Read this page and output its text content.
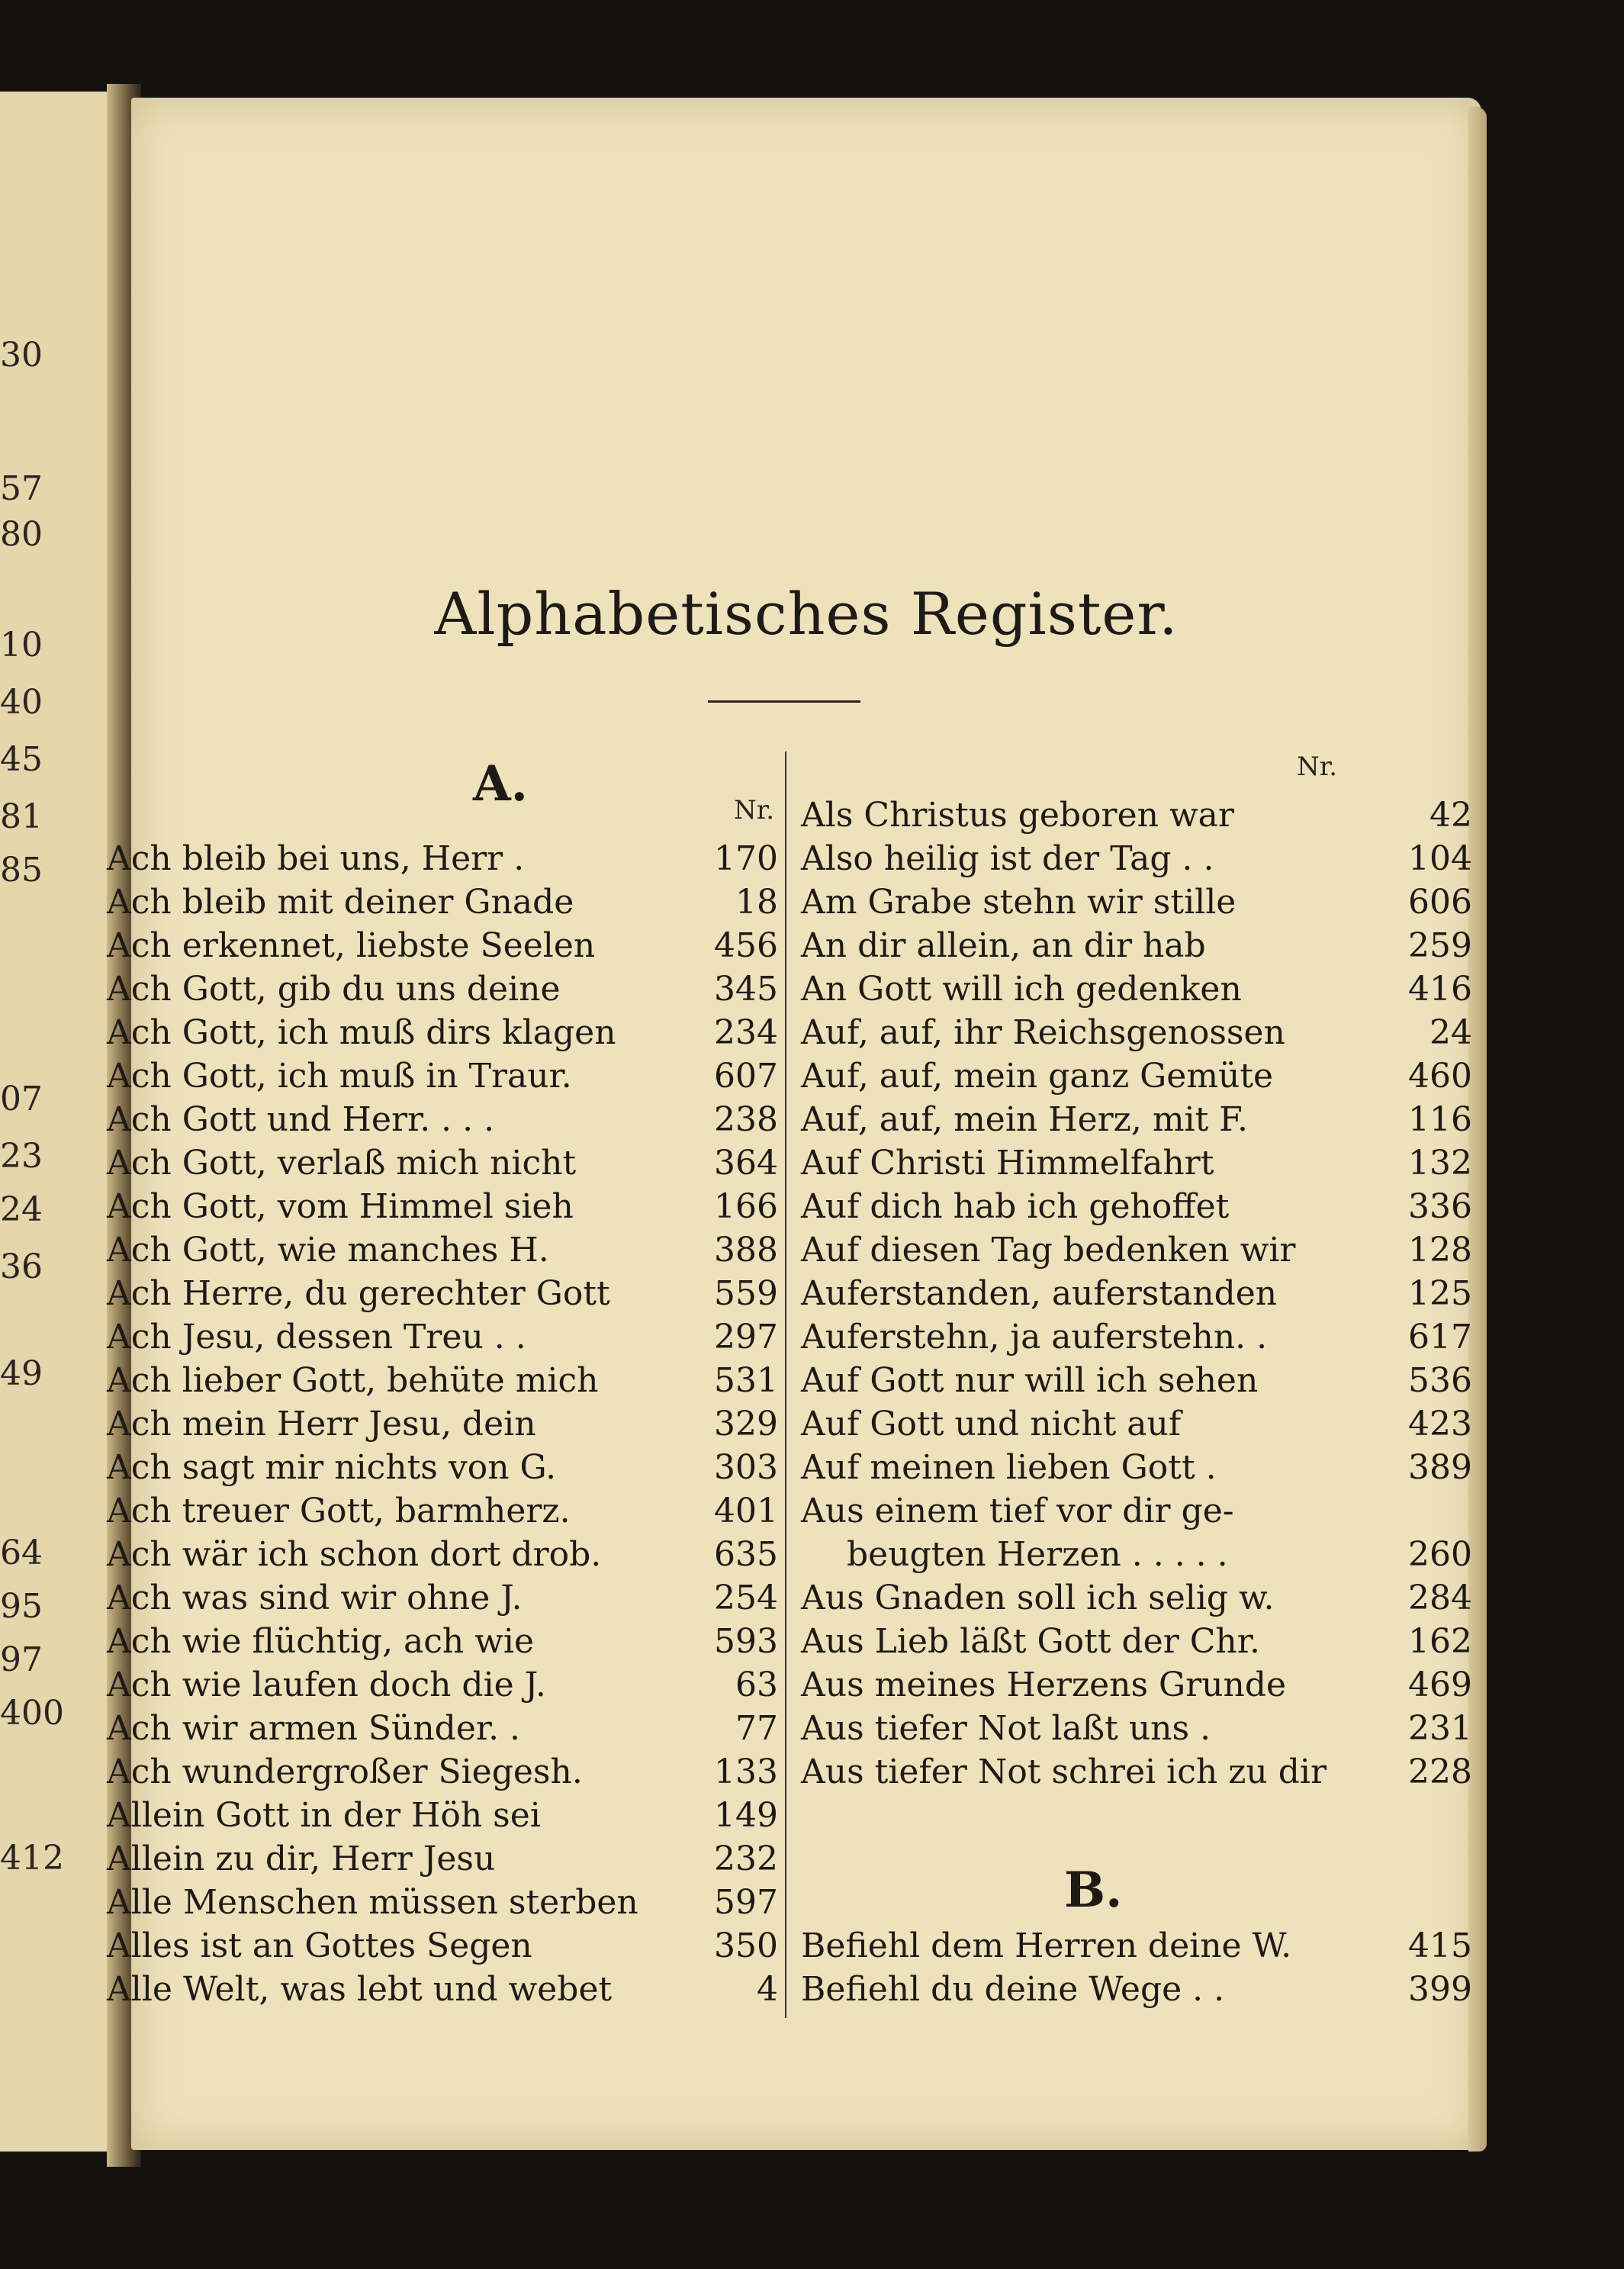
30
57
80
10
40
45
81
85
07
23
24
36
49
64
95
97
400
412
Alphabetisches Register.
A.	Nr.
Nr.
Ach bleib bei uns, Herr .	170
Ach bleib mit deiner Gnade	18
Ach erkennet, liebste Seelen	456
Ach Gott, gib du uns deine	345
Ach Gott, ich muß dirs klagen	234
Ach Gott, ich muß in Traur.	607
Ach Gott und Herr. . . .	238
Ach Gott, verlaß mich nicht	364
Ach Gott, vom Himmel sieh	166
Ach Gott, wie manches H.	388
Ach Herre, du gerechter Gott	559
Ach Jesu, dessen Treu . .	297
Ach lieber Gott, behüte mich	531
Ach mein Herr Jesu, dein	329
Ach sagt mir nichts von G.	303
Ach treuer Gott, barmherz.	401
Ach wär ich schon dort drob.	635
Ach was sind wir ohne J.	254
Ach wie flüchtig, ach wie	593
Ach wie laufen doch die J.	63
Ach wir armen Sünder. .	77
Ach wundergroßer Siegesh.	133
Allein Gott in der Höh sei	149
Allein zu dir, Herr Jesu	232
Alle Menschen müssen sterben 597
Alles ist an Gottes Segen	350
Alle Welt, was lebt und webet	4
Als Christus geboren war	42
Also heilig ist der Tag . .	104
Am Grabe stehn wir stille	606
An dir allein, an dir hab	259
An Gott will ich gedenken	416
Auf, auf, ihr Reichsgenossen	24
Auf, auf, mein ganz Gemüte	460
Auf, auf, mein Herz, mit F.	116
Auf Christi Himmelfahrt	132
Auf dich hab ich gehoffet	336
Auf diesen Tag bedenken wir	128
Auferstanden, auferstanden	125
Auferstehn, ja auferstehn. .	617
Auf Gott nur will ich sehen	536
Auf Gott und nicht auf	423
Auf meinen lieben Gott .	389
Aus einem tief vor dir ge-
beugten Herzen . . . . .	260
Aus Gnaden soll ich selig w.	284
Aus Lieb läßt Gott der Chr.	162
Aus meines Herzens Grunde	469
Aus tiefer Not laßt uns .	231
Aus tiefer Not schrei ich zu dir 228
B.
Befiehl dem Herren deine W.	415
Befiehl du deine Wege . .	399
